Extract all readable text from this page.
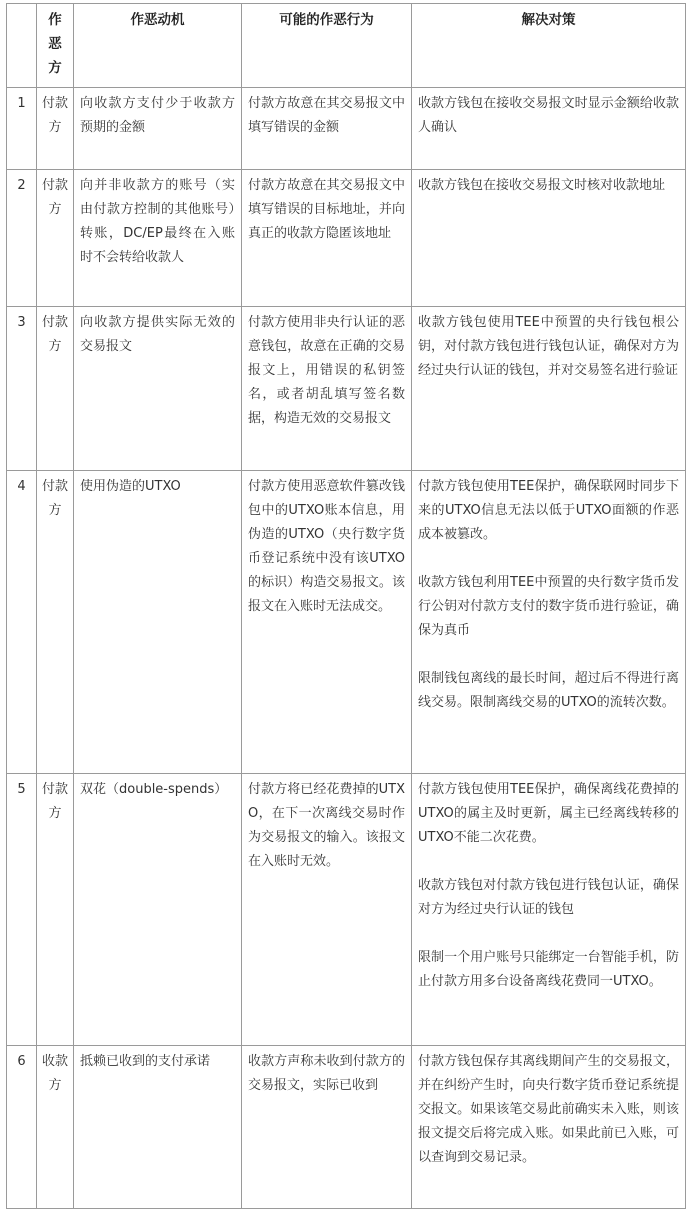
	作恶方	作恶动机	可能的作恶行为	解决对策
1	付款方	向收款方支付少于收款方预期的金额	付款方故意在其交易报文中填写错误的金额	收款方钱包在接收交易报文时显示金额给收款人确认

2	付款方	向并非收款方的账号（实由付款方控制的其他账号）转账，DC/EP最终在入账时不会转给收款人	付款方故意在其交易报文中填写错误的目标地址，并向真正的收款方隐匿该地址	收款方钱包在接收交易报文时核对收款地址

3	付款方	向收款方提供实际无效的交易报文	付款方使用非央行认证的恶意钱包，故意在正确的交易报文上，用错误的私钥签名，或者胡乱填写签名数据，构造无效的交易报文	收款方钱包使用TEE中预置的央行钱包根公钥，对付款方钱包进行钱包认证，确保对方为经过央行认证的钱包，并对交易签名进行验证

4	付款方	使用伪造的UTXO	付款方使用恶意软件篡改钱包中的UTXO账本信息，用伪造的UTXO（央行数字货币登记系统中没有该UTXO的标识）构造交易报文。该报文在入账时无法成交。	付款方钱包使用TEE保护，确保联网时同步下来的UTXO信息无法以低于UTXO面额的作恶成本被篡改。
收款方钱包利用TEE中预置的央行数字货币发行公钥对付款方支付的数字货币进行验证，确保为真币
限制钱包离线的最长时间，超过后不得进行离线交易。限制离线交易的UTXO的流转次数。

5	付款方	双花（double-spends）	付款方将已经花费掉的UTXO，在下一次离线交易时作为交易报文的输入。该报文在入账时无效。	付款方钱包使用TEE保护，确保离线花费掉的UTXO的属主及时更新，属主已经离线转移的UTXO不能二次花费。
收款方钱包对付款方钱包进行钱包认证，确保对方为经过央行认证的钱包
限制一个用户账号只能绑定一台智能手机，防止付款方用多台设备离线花费同一UTXO。

6	收款方	抵赖已收到的支付承诺	收款方声称未收到付款方的交易报文，实际已收到	付款方钱包保存其离线期间产生的交易报文，并在纠纷产生时，向央行数字货币登记系统提交报文。如果该笔交易此前确实未入账，则该报文提交后将完成入账。如果此前已入账，可以查询到交易记录。
